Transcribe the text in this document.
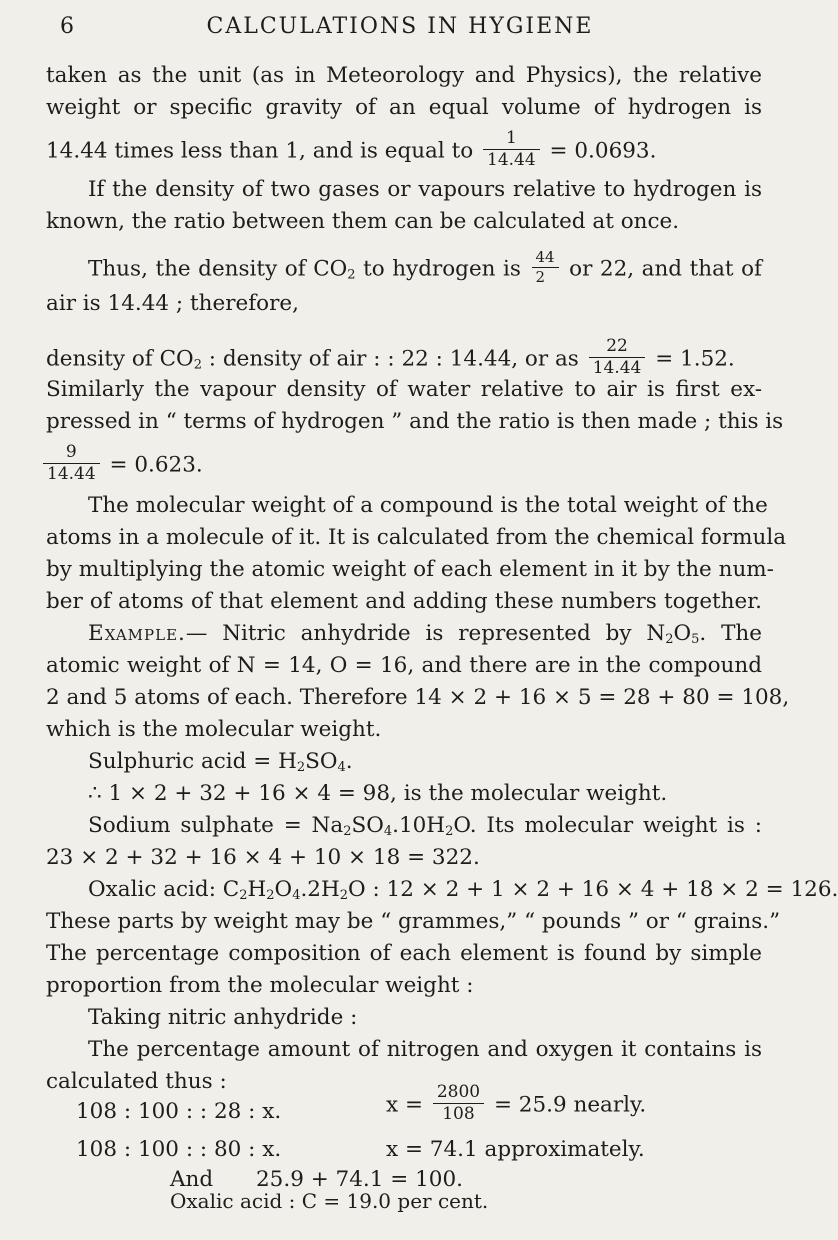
6	CALCULATIONS IN HYGIENE

taken as the unit (as in Meteorology and Physics), the relative

weight or specific gravity of an equal volume of hydrogen is

14.44 times less than 1, and is equal to $\frac{1}{14.44} = 0.0693$.

If the density of two gases or vapours relative to hydrogen is

known, the ratio between them can be calculated at once.

Thus, the density of $CO_2$ to hydrogen is $\frac{44}{2}$ or 22, and that of

air is 14.44 ; therefore,

density of $CO_2$ : density of air : : 22 : 14.44, or as $\frac{22}{14.44} = 1.52$.

Similarly the vapour density of water relative to air is first ex-

pressed in “ terms of hydrogen ” and the ratio is then made ; this is

$\frac{9}{14.44} = 0.623$.

The molecular weight of a compound is the total weight of the

atoms in a molecule of it. It is calculated from the chemical formula

by multiplying the atomic weight of each element in it by the num-

ber of atoms of that element and adding these numbers together.

Example.— Nitric anhydride is represented by $N_2O_5$. The

atomic weight of N = 14, O = 16, and there are in the compound

2 and 5 atoms of each. Therefore 14 × 2 + 16 × 5 = 28 + 80 = 108,

which is the molecular weight.

Sulphuric acid = $H_2SO_4$.

∴ 1 × 2 + 32 + 16 × 4 = 98, is the molecular weight.

Sodium sulphate = $Na_2SO_4.10H_2O$. Its molecular weight is :

23 × 2 + 32 + 16 × 4 + 10 × 18 = 322.

Oxalic acid: $C_2H_2O_4.2H_2O$ : 12 × 2 + 1 × 2 + 16 × 4 + 18 × 2 = 126.

These parts by weight may be “ grammes,” “ pounds ” or “ grains.”

The percentage composition of each element is found by simple

proportion from the molecular weight :

Taking nitric anhydride :

The percentage amount of nitrogen and oxygen it contains is

calculated thus :

108 : 100 : : 28 : x.	$x = \frac{2800}{108} = 25.9$ nearly.

108 : 100 : : 80 : x.	x = 74.1 approximately.

And 25.9 + 74.1 = 100.

Oxalic acid : C = 19.0 per cent.
